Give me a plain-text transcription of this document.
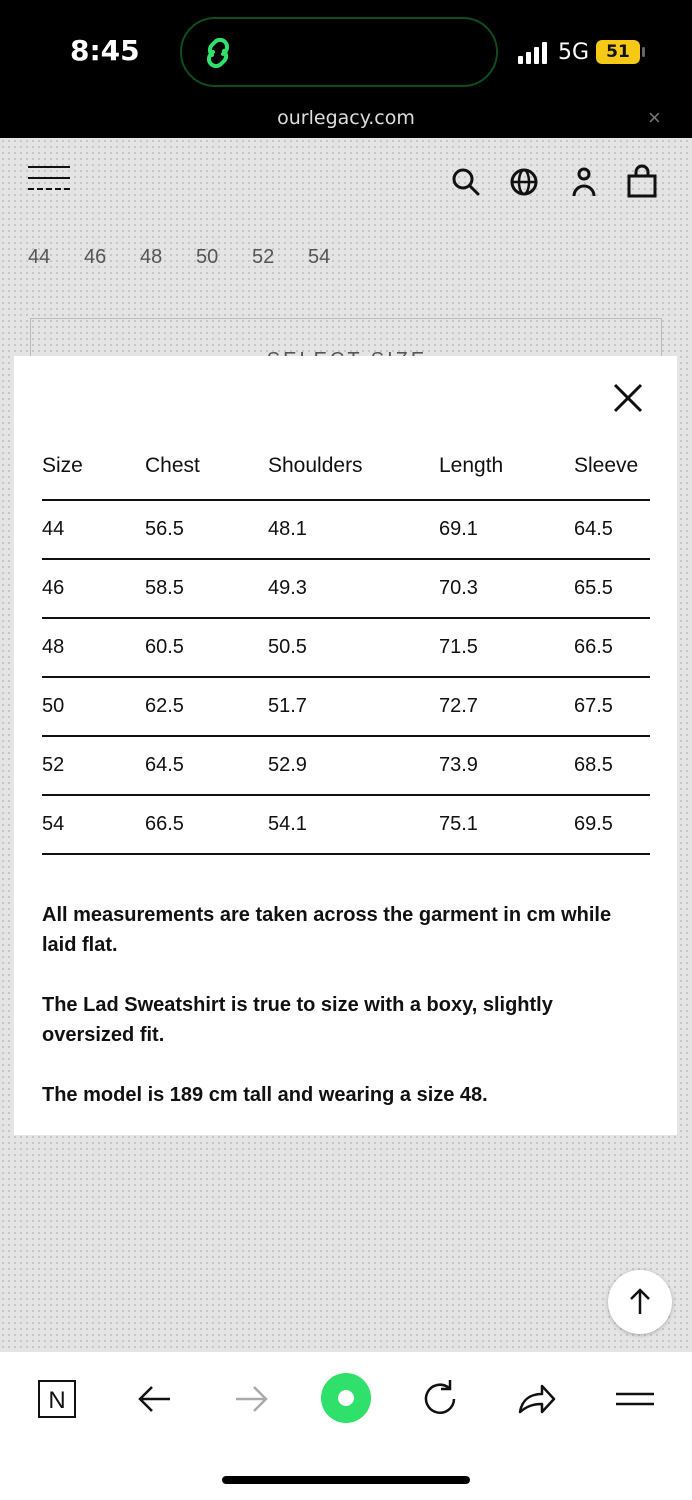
8:45	5G	51
ourlegacy.com	×
44	46	48	50	52	54
Size	Chest	Shoulders	Length	Sleeve
44	56.5	48.1	69.1	64.5
46	58.5	49.3	70.3	65.5
48	60.5	50.5	71.5	66.5
50	62.5	51.7	72.7	67.5
52	64.5	52.9	73.9	68.5
54	66.5	54.1	75.1	69.5

All measurements are taken across the garment in cm while laid flat.

The Lad Sweatshirt is true to size with a boxy, slightly oversized fit.

The model is 189 cm tall and wearing a size 48.

N
